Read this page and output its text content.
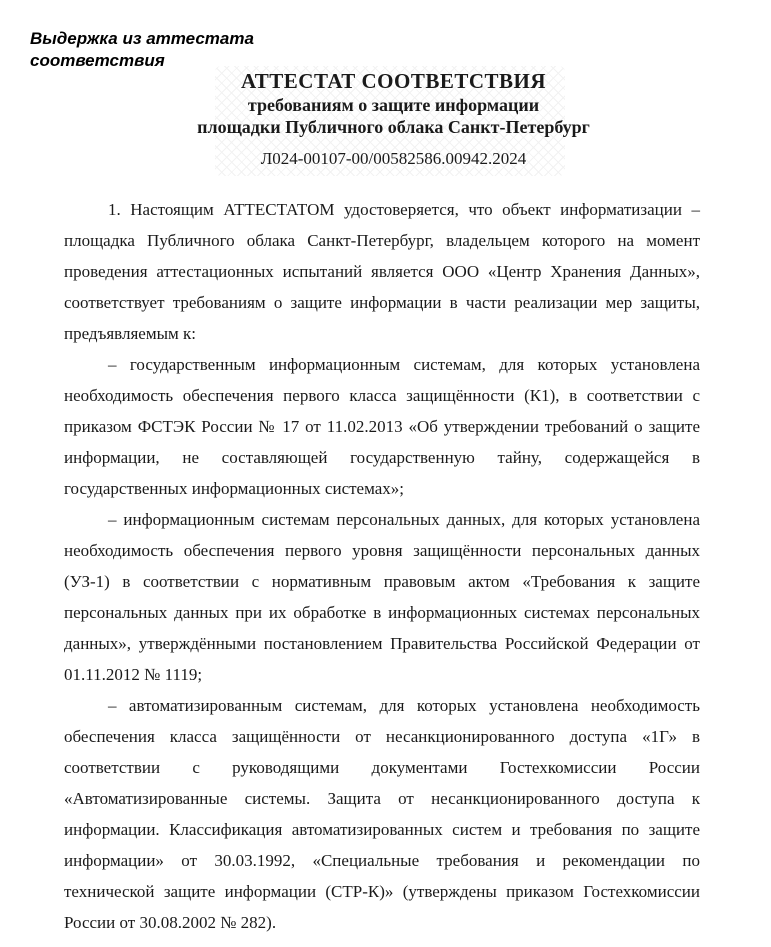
Выдержка из аттестата соответствия
АТТЕСТАТ СООТВЕТСТВИЯ
требованиям о защите информации
площадки Публичного облака Санкт-Петербург
Л024-00107-00/00582586.00942.2024

1. Настоящим АТТЕСТАТОМ удостоверяется, что объект информатизации – площадка Публичного облака Санкт-Петербург, владельцем которого на момент проведения аттестационных испытаний является ООО «Центр Хранения Данных», соответствует требованиям о защите информации в части реализации мер защиты, предъявляемым к:

– государственным информационным системам, для которых установлена необходимость обеспечения первого класса защищённости (К1), в соответствии с приказом ФСТЭК России № 17 от 11.02.2013 «Об утверждении требований о защите информации, не составляющей государственную тайну, содержащейся в государственных информационных системах»;

– информационным системам персональных данных, для которых установлена необходимость обеспечения первого уровня защищённости персональных данных (УЗ-1) в соответствии с нормативным правовым актом «Требования к защите персональных данных при их обработке в информационных системах персональных данных», утверждёнными постановлением Правительства Российской Федерации от 01.11.2012 № 1119;

– автоматизированным системам, для которых установлена необходимость обеспечения класса защищённости от несанкционированного доступа «1Г» в соответствии с руководящими документами Гостехкомиссии России «Автоматизированные системы. Защита от несанкционированного доступа к информации. Классификация автоматизированных систем и требования по защите информации» от 30.03.1992, «Специальные требования и рекомендации по технической защите информации (СТР-К)» (утверждены приказом Гостехкомиссии России от 30.08.2002 № 282).
